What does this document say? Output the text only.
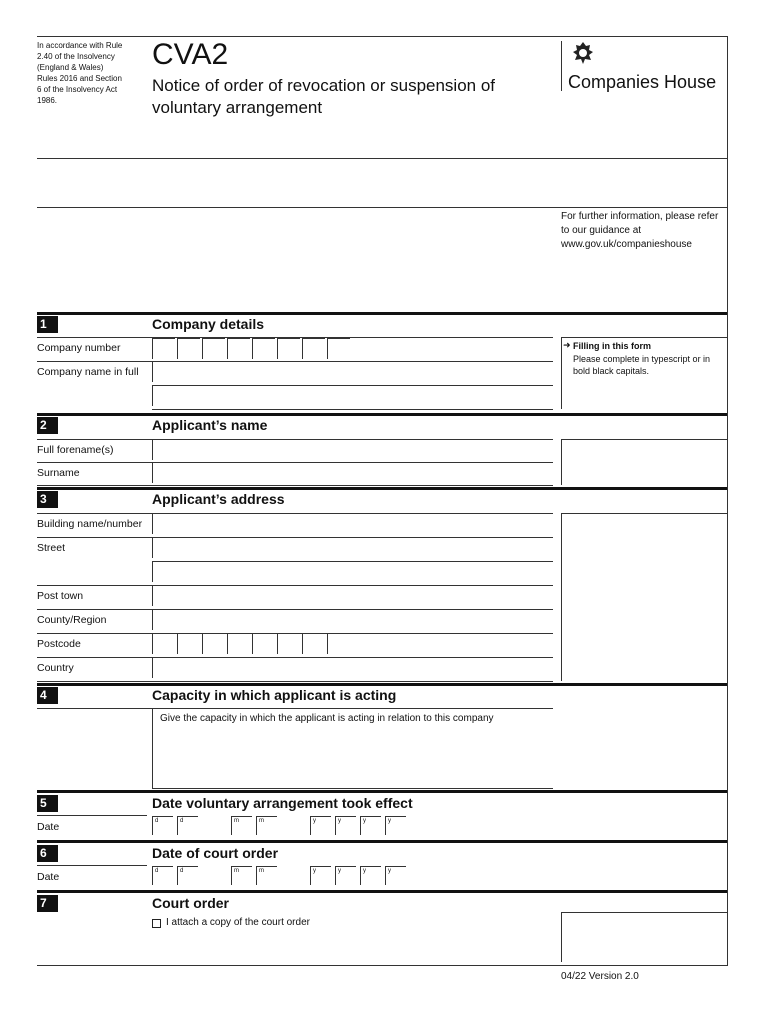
In accordance with Rule 2.40 of the Insolvency (England & Wales) Rules 2016 and Section 6 of the Insolvency Act 1986.
CVA2
Notice of order of revocation or suspension of voluntary arrangement
Companies House
For further information, please refer to our guidance at www.gov.uk/companieshouse
1	Company details
Company number
Company name in full
➜ Filling in this form
Please complete in typescript or in bold black capitals.
2	Applicant’s name
Full forename(s)
Surname
3	Applicant’s address
Building name/number
Street
Post town
County/Region
Postcode
Country
4	Capacity in which applicant is acting
Give the capacity in which the applicant is acting in relation to this company
5	Date voluntary arrangement took effect
Date	d	d	m	m	y	y	y	y
6	Date of court order
Date	d	d	m	m	y	y	y	y
7	Court order
I attach a copy of the court order
04/22 Version 2.0
